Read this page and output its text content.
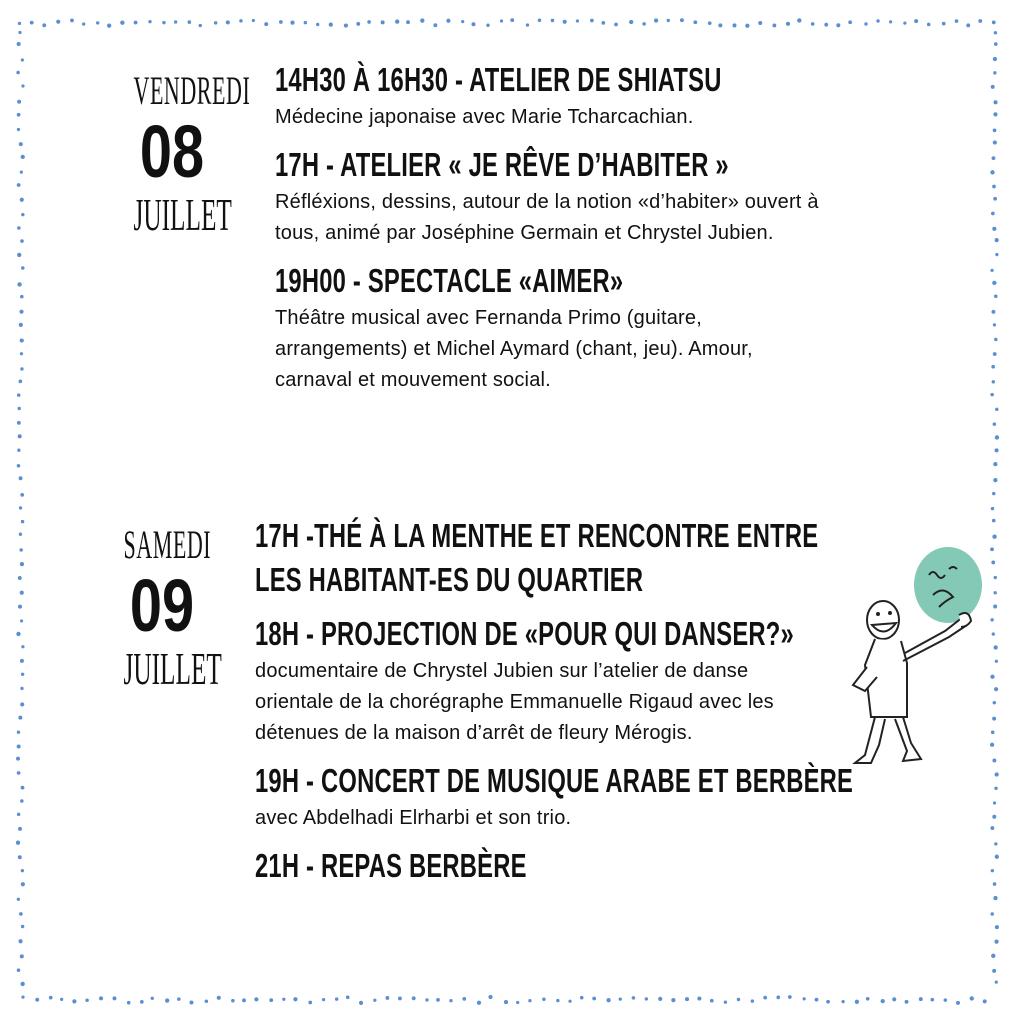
VENDREDI
08
JUILLET
14H30 À 16H30 - ATELIER DE SHIATSU
Médecine japonaise avec Marie Tcharcachian.
17H - ATELIER « JE RÊVE D’HABITER »
Réfléxions, dessins, autour de la notion «d’habiter» ouvert à tous, animé par Joséphine Germain et Chrystel Jubien.
19H00 - SPECTACLE «AIMER»
Théâtre musical avec Fernanda Primo (guitare, arrangements) et Michel Aymard (chant, jeu). Amour, carnaval et mouvement social.
SAMEDI
09
JUILLET
17H -THÉ À LA MENTHE ET RENCONTRE ENTRE
LES HABITANT-ES DU QUARTIER
18H - PROJECTION DE «POUR QUI DANSER?»
documentaire de Chrystel Jubien sur l’atelier de danse orientale de la chorégraphe Emmanuelle Rigaud avec les détenues de la maison d’arrêt de fleury Mérogis.
19H - CONCERT DE MUSIQUE ARABE ET BERBÈRE
avec Abdelhadi Elrharbi et son trio.
21H - REPAS BERBÈRE
